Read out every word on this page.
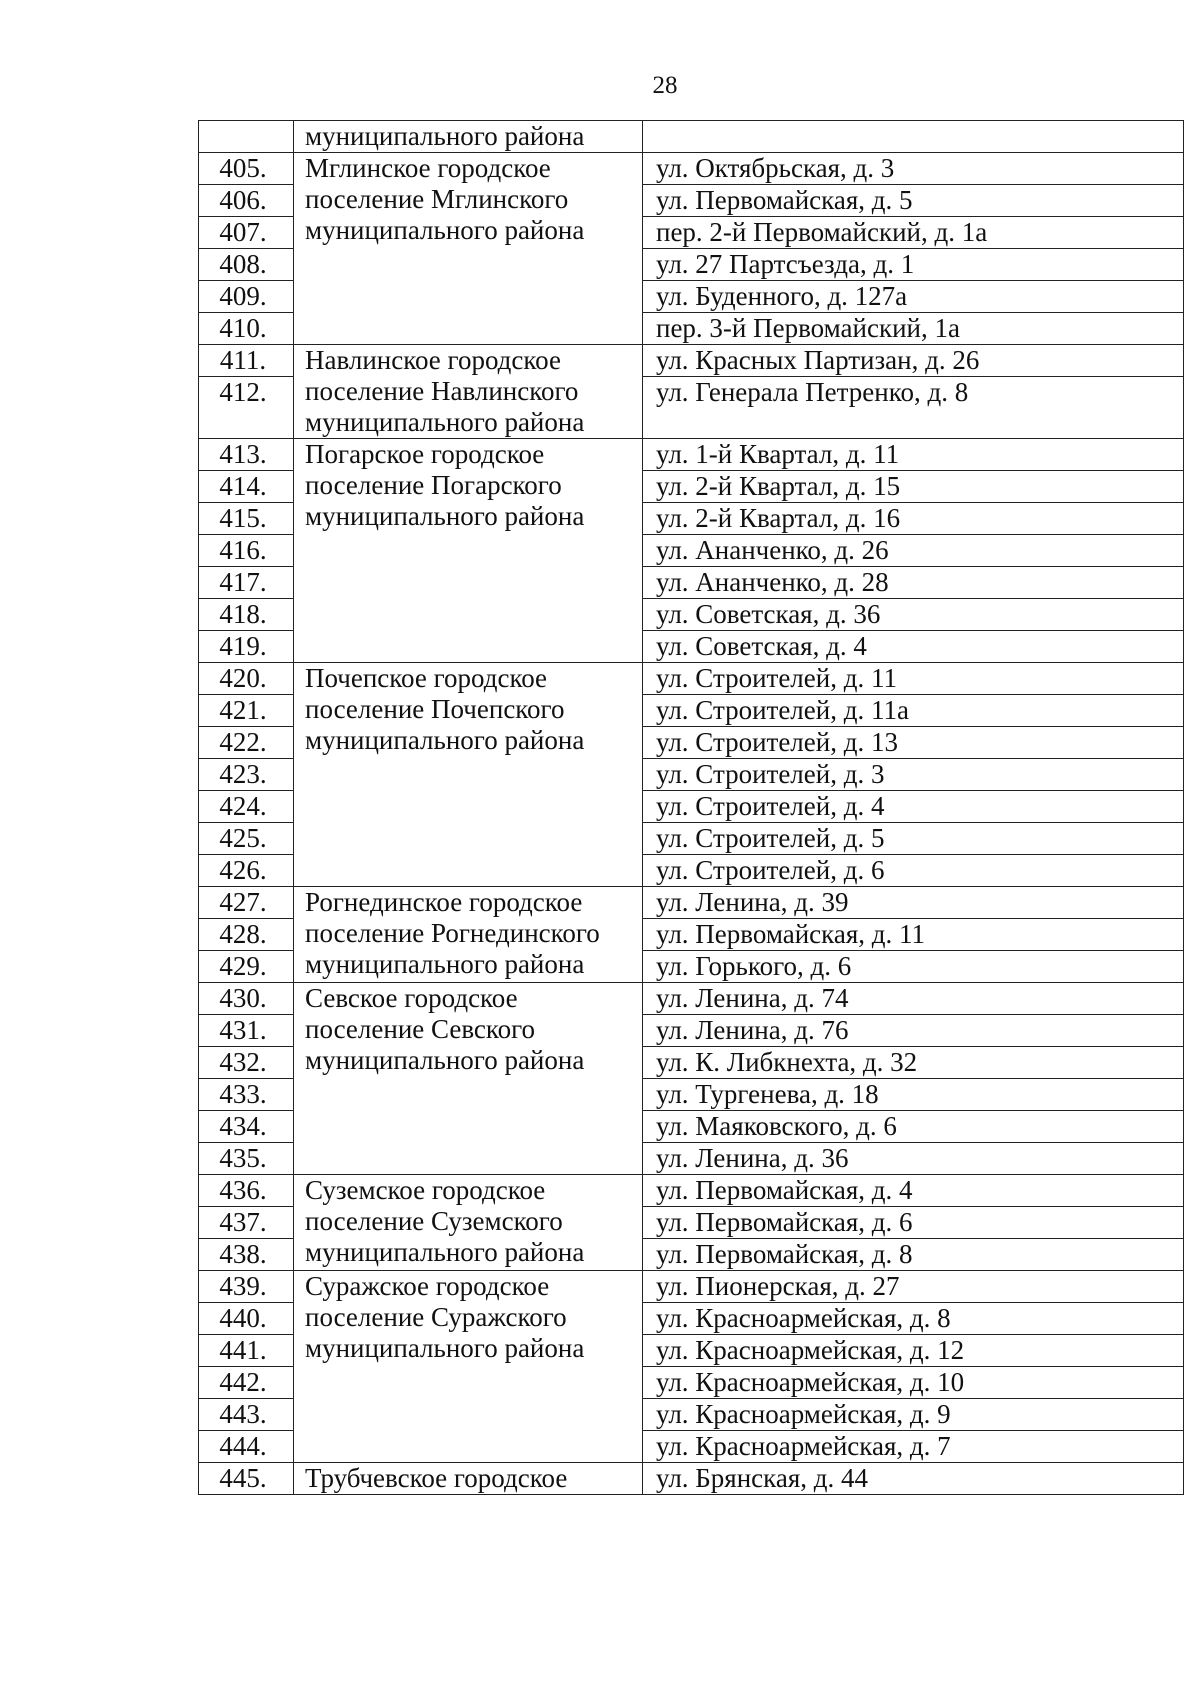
28
	муниципального района	
405.	Мглинское городское поселение Мглинского муниципального района	ул. Октябрьская, д. 3
406.		ул. Первомайская, д. 5
407.		пер. 2-й Первомайский, д. 1а
408.		ул. 27 Партсъезда, д. 1
409.		ул. Буденного, д. 127а
410.		пер. 3-й Первомайский, 1а
411.	Навлинское городское поселение Навлинского муниципального района	ул. Красных Партизан, д. 26
412.		ул. Генерала Петренко, д. 8
413.	Погарское городское поселение Погарского муниципального района	ул. 1-й Квартал, д. 11
414.		ул. 2-й Квартал, д. 15
415.		ул. 2-й Квартал, д. 16
416.		ул. Ананченко, д. 26
417.		ул. Ананченко, д. 28
418.		ул. Советская, д. 36
419.		ул. Советская, д. 4
420.	Почепское городское поселение Почепского муниципального района	ул. Строителей, д. 11
421.		ул. Строителей, д. 11а
422.		ул. Строителей, д. 13
423.		ул. Строителей, д. 3
424.		ул. Строителей, д. 4
425.		ул. Строителей, д. 5
426.		ул. Строителей, д. 6
427.	Рогнединское городское поселение Рогнединского муниципального района	ул. Ленина, д. 39
428.		ул. Первомайская, д. 11
429.		ул. Горького, д. 6
430.	Севское городское поселение Севского муниципального района	ул. Ленина, д. 74
431.		ул. Ленина, д. 76
432.		ул. К. Либкнехта, д. 32
433.		ул. Тургенева, д. 18
434.		ул. Маяковского, д. 6
435.		ул. Ленина, д. 36
436.	Суземское городское поселение Суземского муниципального района	ул. Первомайская, д. 4
437.		ул. Первомайская, д. 6
438.		ул. Первомайская, д. 8
439.	Суражское городское поселение Суражского муниципального района	ул. Пионерская, д. 27
440.		ул. Красноармейская, д. 8
441.		ул. Красноармейская, д. 12
442.		ул. Красноармейская, д. 10
443.		ул. Красноармейская, д. 9
444.		ул. Красноармейская, д. 7
445.	Трубчевское городское	ул. Брянская, д. 44
